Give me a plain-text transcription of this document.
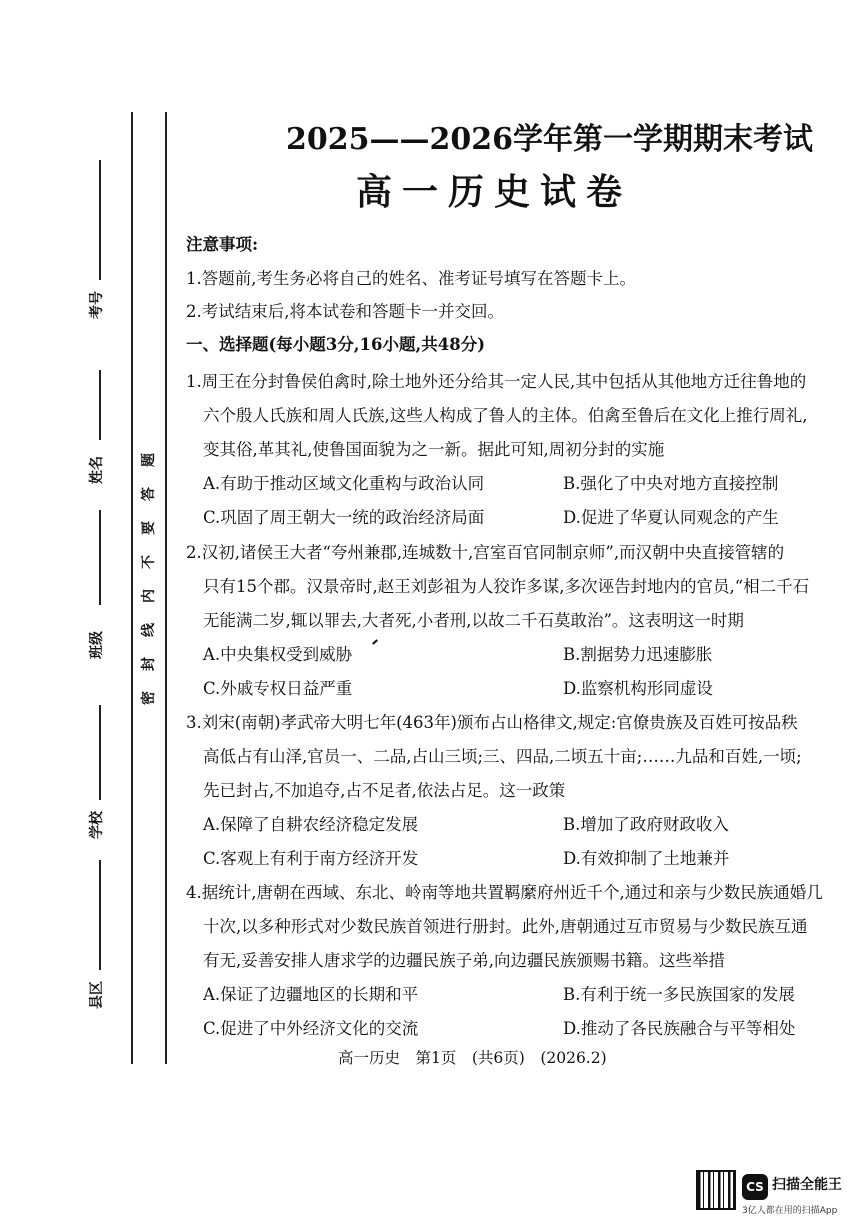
考号
姓名
班级
学校
县区
题
答
要
不
内
线
封
密
2025——2026学年第一学期期末考试
高一历史试卷
注意事项:
1.答题前,考生务必将自己的姓名、准考证号填写在答题卡上。
2.考试结束后,将本试卷和答题卡一并交回。
一、选择题(每小题3分,16小题,共48分)
1.周王在分封鲁侯伯禽时,除土地外还分给其一定人民,其中包括从其他地方迁往鲁地的
六个殷人氏族和周人氏族,这些人构成了鲁人的主体。伯禽至鲁后在文化上推行周礼,
变其俗,革其礼,使鲁国面貌为之一新。据此可知,周初分封的实施
A.有助于推动区域文化重构与政治认同	B.强化了中央对地方直接控制
C.巩固了周王朝大一统的政治经济局面	D.促进了华夏认同观念的产生
2.汉初,诸侯王大者“夸州兼郡,连城数十,宫室百官同制京师”,而汉朝中央直接管辖的
只有15个郡。汉景帝时,赵王刘彭祖为人狡诈多谋,多次诬告封地内的官员,“相二千石
无能满二岁,辄以罪去,大者死,小者刑,以故二千石莫敢治”。这表明这一时期
A.中央集权受到威胁	B.割据势力迅速膨胀
C.外戚专权日益严重	D.监察机构形同虚设
3.刘宋(南朝)孝武帝大明七年(463年)颁布占山格律文,规定:官僚贵族及百姓可按品秩
高低占有山泽,官员一、二品,占山三顷;三、四品,二顷五十亩;……九品和百姓,一顷;
先已封占,不加追夺,占不足者,依法占足。这一政策
A.保障了自耕农经济稳定发展	B.增加了政府财政收入
C.客观上有利于南方经济开发	D.有效抑制了土地兼并
4.据统计,唐朝在西域、东北、岭南等地共置羁縻府州近千个,通过和亲与少数民族通婚几
十次,以多种形式对少数民族首领进行册封。此外,唐朝通过互市贸易与少数民族互通
有无,妥善安排人唐求学的边疆民族子弟,向边疆民族颁赐书籍。这些举措
A.保证了边疆地区的长期和平	B.有利于统一多民族国家的发展
C.促进了中外经济文化的交流	D.推动了各民族融合与平等相处
高一历史　第1页　(共6页)　(2026.2)
CS 扫描全能王
3亿人都在用的扫描App
